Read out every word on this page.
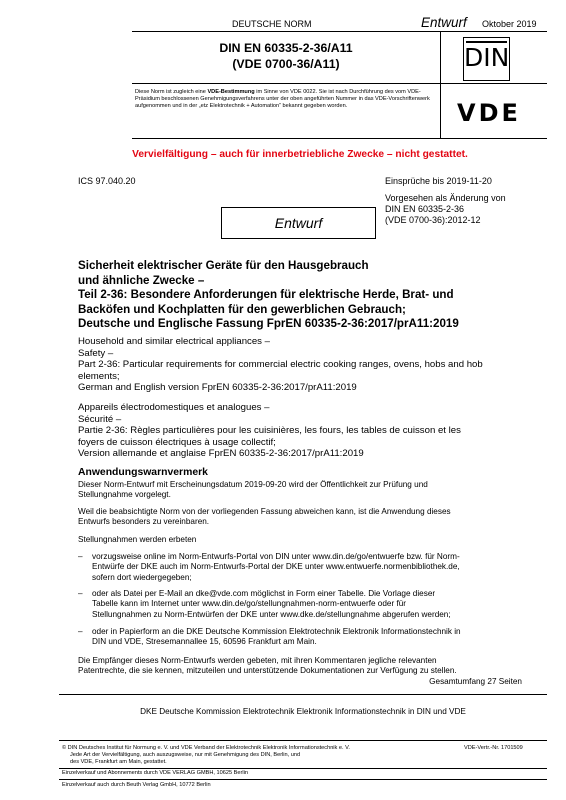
DEUTSCHE NORM	Entwurf Oktober 2019
DIN EN 60335-2-36/A11
(VDE 0700-36/A11)	DIN
Diese Norm ist zugleich eine VDE-Bestimmung im Sinne von VDE 0022. Sie ist nach Durchführung des vom VDE-Präsidium beschlossenen Genehmigungsverfahrens unter der oben angeführten Nummer in das VDE-Vorschriftenwerk aufgenommen und in der „etz Elektrotechnik + Automation“ bekannt gegeben worden.	VDE
Vervielfältigung – auch für innerbetriebliche Zwecke – nicht gestattet.
ICS 97.040.20	Einsprüche bis 2019-11-20
Vorgesehen als Änderung von
DIN EN 60335-2-36
(VDE 0700-36):2012-12
Entwurf
Sicherheit elektrischer Geräte für den Hausgebrauch
und ähnliche Zwecke –
Teil 2-36: Besondere Anforderungen für elektrische Herde, Brat- und
Backöfen und Kochplatten für den gewerblichen Gebrauch;
Deutsche und Englische Fassung FprEN 60335-2-36:2017/prA11:2019
Household and similar electrical appliances –
Safety –
Part 2-36: Particular requirements for commercial electric cooking ranges, ovens, hobs and hob
elements;
German and English version FprEN 60335-2-36:2017/prA11:2019
Appareils électrodomestiques et analogues –
Sécurité –
Partie 2-36: Règles particulières pour les cuisinières, les fours, les tables de cuisson et les
foyers de cuisson électriques à usage collectif;
Version allemande et anglaise FprEN 60335-2-36:2017/prA11:2019
Anwendungswarnvermerk
Dieser Norm-Entwurf mit Erscheinungsdatum 2019-09-20 wird der Öffentlichkeit zur Prüfung und
Stellungnahme vorgelegt.
Weil die beabsichtigte Norm von der vorliegenden Fassung abweichen kann, ist die Anwendung dieses
Entwurfs besonders zu vereinbaren.
Stellungnahmen werden erbeten
–	vorzugsweise online im Norm-Entwurfs-Portal von DIN unter www.din.de/go/entwuerfe bzw. für Norm-
Entwürfe der DKE auch im Norm-Entwurfs-Portal der DKE unter www.entwuerfe.normenbibliothek.de,
sofern dort wiedergegeben;
–	oder als Datei per E-Mail an dke@vde.com möglichst in Form einer Tabelle. Die Vorlage dieser
Tabelle kann im Internet unter www.din.de/go/stellungnahmen-norm-entwuerfe oder für
Stellungnahmen zu Norm-Entwürfen der DKE unter www.dke.de/stellungnahme abgerufen werden;
–	oder in Papierform an die DKE Deutsche Kommission Elektrotechnik Elektronik Informationstechnik in
DIN und VDE, Stresemannallee 15, 60596 Frankfurt am Main.
Die Empfänger dieses Norm-Entwurfs werden gebeten, mit ihren Kommentaren jegliche relevanten
Patentrechte, die sie kennen, mitzuteilen und unterstützende Dokumentationen zur Verfügung zu stellen.
Gesamtumfang 27 Seiten
DKE Deutsche Kommission Elektrotechnik Elektronik Informationstechnik in DIN und VDE
© DIN Deutsches Institut für Normung e. V. und VDE Verband der Elektrotechnik Elektronik Informationstechnik e. V.
Jede Art der Vervielfältigung, auch auszugsweise, nur mit Genehmigung des DIN, Berlin, und
des VDE, Frankfurt am Main, gestattet.
VDE-Vertr.-Nr. 1701509
Einzelverkauf und Abonnements durch VDE VERLAG GMBH, 10625 Berlin
Einzelverkauf auch durch Beuth Verlag GmbH, 10772 Berlin
